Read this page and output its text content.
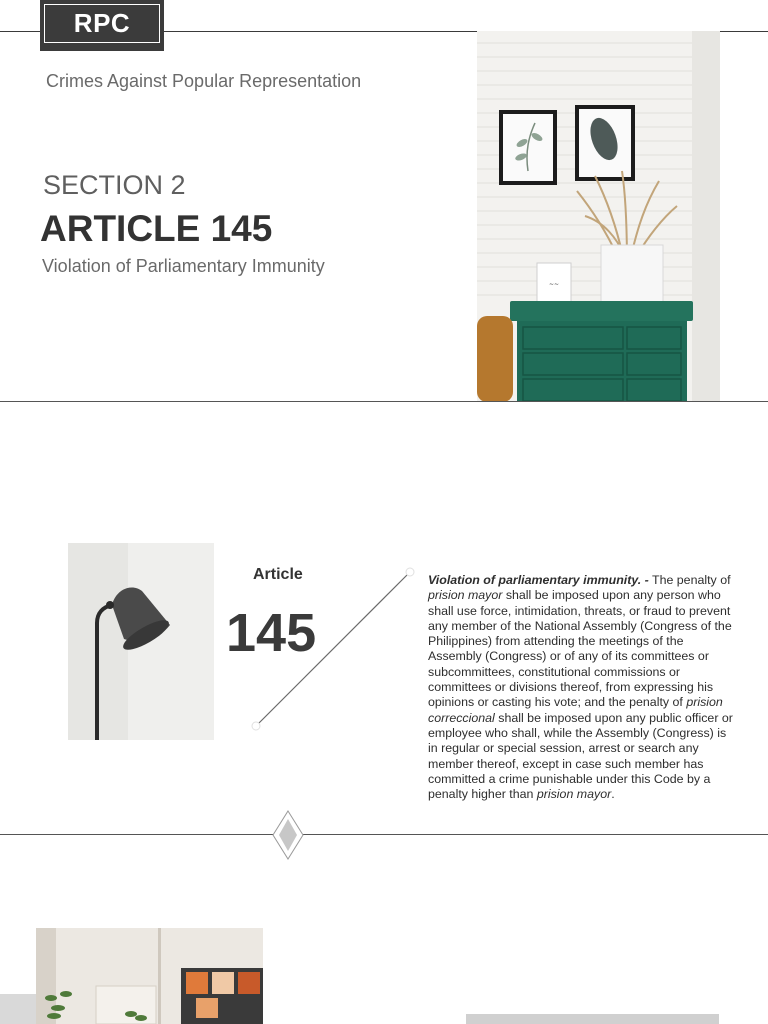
RPC
Crimes Against Popular Representation
SECTION 2
ARTICLE 145
Violation of Parliamentary Immunity
~~
Article
145
Violation of parliamentary immunity. - The penalty of prision mayor shall be imposed upon any person who shall use force, intimidation, threats, or fraud to prevent any member of the National Assembly (Congress of the Philippines) from attending the meetings of the Assembly (Congress) or of any of its committees or subcommittees, constitutional commissions or committees or divisions thereof, from expressing his opinions or casting his vote; and the penalty of prision correccional shall be imposed upon any public officer or employee who shall, while the Assembly (Congress) is in regular or special session, arrest or search any member thereof, except in case such member has committed a crime punishable under this Code by a penalty higher than prision mayor.
